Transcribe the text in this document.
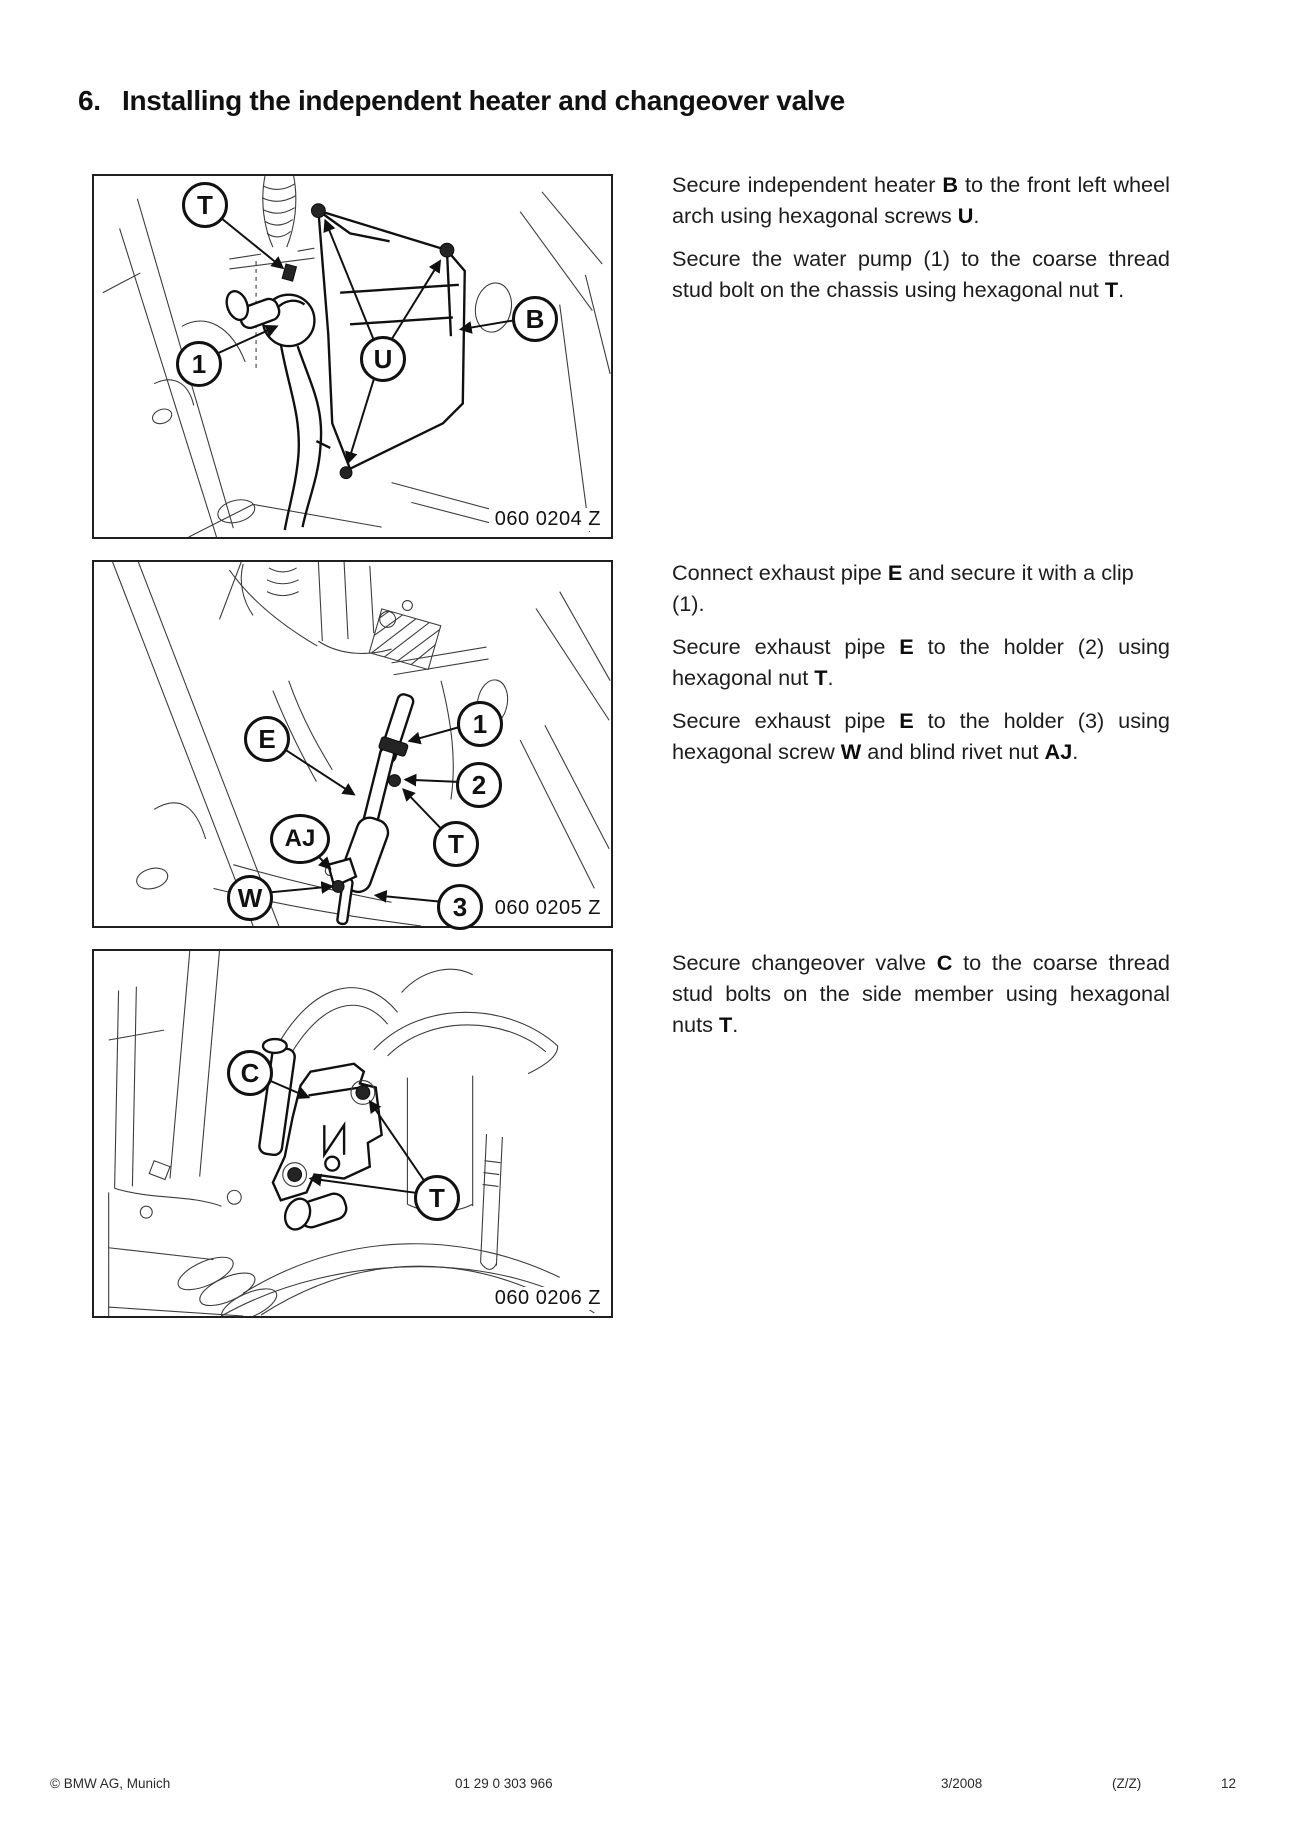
6. Installing the independent heater and changeover valve
060 0204 Z
T
1	U
B
060 0205 Z
E	1
2
T
AJ
W	3
060 0206 Z
C
T

Secure independent heater B to the front left wheel
arch using hexagonal screws U.

Secure the water pump (1) to the coarse thread
stud bolt on the chassis using hexagonal nut T.

Connect exhaust pipe E and secure it with a clip (1).

Secure exhaust pipe E to the holder (2) using
hexagonal nut T.

Secure exhaust pipe E to the holder (3) using
hexagonal screw W and blind rivet nut AJ.

Secure changeover valve C to the coarse thread
stud bolts on the side member using hexagonal
nuts T.

© BMW AG, Munich	01 29 0 303 966	3/2008	(Z/Z)	12
